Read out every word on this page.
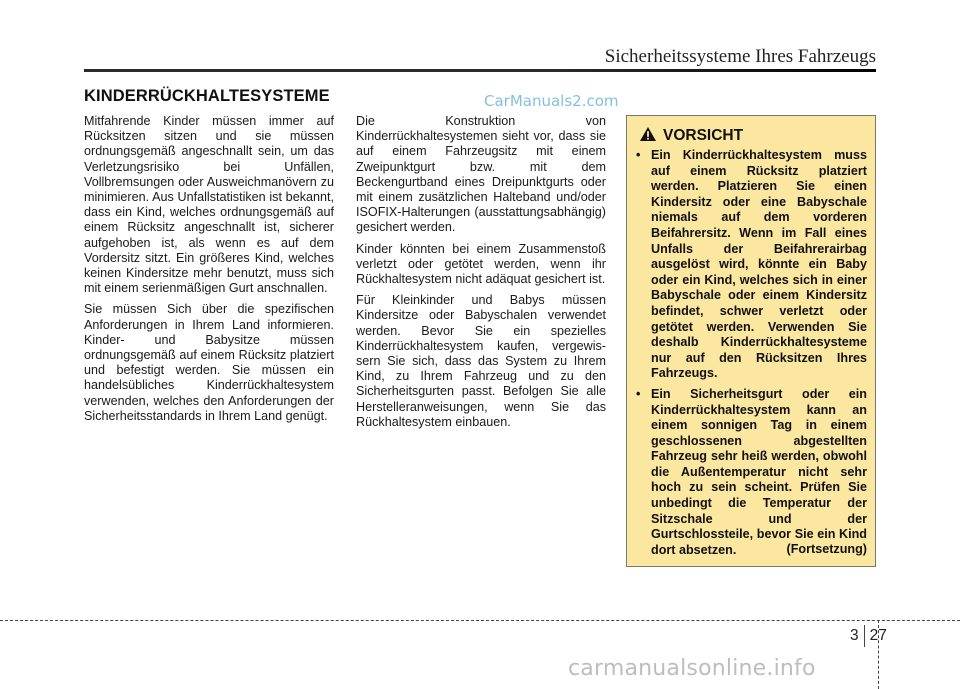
Sicherheitssysteme Ihres Fahrzeugs
KINDERRÜCKHALTESYSTEME	CarManuals2.com

Mitfahrende Kinder müssen immer auf Rücksitzen sitzen und sie müssen ordnungsgemäß angeschnallt sein, um das Verletzungsrisiko bei Unfällen, Vollbremsungen oder Ausweichmanövern zu minimieren. Aus Unfallstatistiken ist bekannt, dass ein Kind, welches ordnungsgemäß auf einem Rücksitz angeschnallt ist, sicherer aufgehoben ist, als wenn es auf dem Vordersitz sitzt. Ein größeres Kind, welches keinen Kindersitze mehr benutzt, muss sich mit einem serienmäßigen Gurt anschnallen.

Sie müssen Sich über die spezifischen Anforderungen in Ihrem Land informieren. Kinder- und Babysitze müssen ordnungsgemäß auf einem Rücksitz platziert und befestigt werden. Sie müssen ein handelsübliches Kinderrückhaltesystem verwenden, welches den Anforderungen der Sicherheitsstandards in Ihrem Land genügt.

Die Konstruktion von Kinderrückhaltesystemen sieht vor, dass sie auf einem Fahrzeugsitz mit einem Zweipunktgurt bzw. mit dem Beckengurtband eines Dreipunktgurts oder mit einem zusätzlichen Halteband und/oder ISOFIX-Halterungen (ausstattungsabhängig) gesichert werden.

Kinder könnten bei einem Zusammenstoß verletzt oder getötet werden, wenn ihr Rückhaltesystem nicht adäquat gesichert ist.

Für Kleinkinder und Babys müssen Kindersitze oder Babyschalen verwendet werden. Bevor Sie ein spezielles Kinderrückhaltesystem kaufen, vergewis-sern Sie sich, dass das System zu Ihrem Kind, zu Ihrem Fahrzeug und zu den Sicherheitsgurten passt. Befolgen Sie alle Herstelleranweisungen, wenn Sie das Rückhaltesystem einbauen.

VORSICHT
• Ein Kinderrückhaltesystem muss auf einem Rücksitz platziert werden. Platzieren Sie einen Kindersitz oder eine Babyschale niemals auf dem vorderen Beifahrersitz. Wenn im Fall eines Unfalls der Beifahrerairbag ausgelöst wird, könnte ein Baby oder ein Kind, welches sich in einer Babyschale oder einem Kindersitz befindet, schwer verletzt oder getötet werden. Verwenden Sie deshalb Kinderrückhaltesysteme nur auf den Rücksitzen Ihres Fahrzeugs.
• Ein Sicherheitsgurt oder ein Kinderrückhaltesystem kann an einem sonnigen Tag in einem geschlossenen abgestellten Fahrzeug sehr heiß werden, obwohl die Außentemperatur nicht sehr hoch zu sein scheint. Prüfen Sie unbedingt die Temperatur der Sitzschale und der Gurtschlossteile, bevor Sie ein Kind dort absetzen.	(Fortsetzung)
3 27
carmanualsonline.info
